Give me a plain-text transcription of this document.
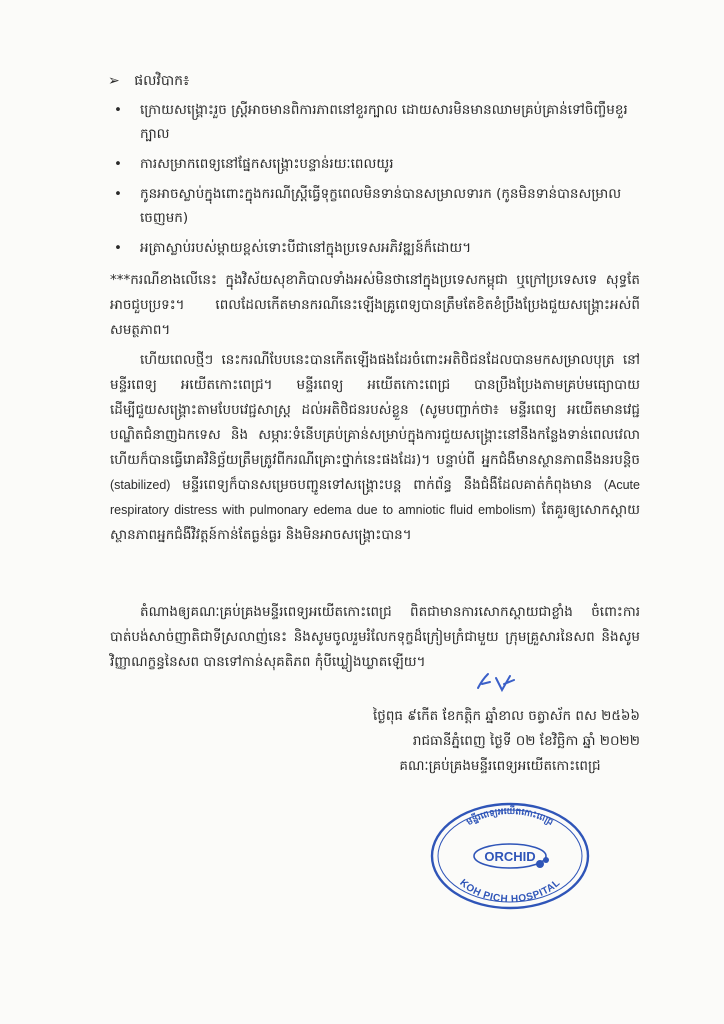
➢ ផលវិបាក៖
• ក្រោយសង្គ្រោះរួច ស្ត្រីអាចមានពិការភាពនៅខួរក្បាល ដោយសារមិនមានឈាមគ្រប់គ្រាន់ទៅចិញ្ចឹមខួរក្បាល
• ការសម្រាកពេទ្យនៅផ្នែកសង្គ្រោះបន្ទាន់រយៈពេលយូរ
• កូនអាចស្លាប់ក្នុងពោះក្នុងករណីស្ត្រីធ្វើទុក្ខពេលមិនទាន់បានសម្រាលទារក (កូនមិនទាន់បានសម្រាលចេញមក)
• អត្រាស្លាប់របស់ម្តាយខ្ពស់ទោះបីជានៅក្នុងប្រទេសអភិវឌ្ឍន៍ក៏ដោយ។

***ករណីខាងលើនេះ ក្នុងវិស័យសុខាភិបាលទាំងអស់មិនថានៅក្នុងប្រទេសកម្ពុជា ឬក្រៅប្រទេសទេ សុទ្ធតែអាចជួបប្រទះ។ ពេលដែលកើតមានករណីនេះឡើងគ្រូពេទ្យបានត្រឹមតែខិតខំប្រឹងប្រែងជួយសង្គ្រោះអស់ពីសមត្ថភាព។

ហើយពេលថ្មីៗ នេះករណីបែបនេះបានកើតឡើងផងដែរចំពោះអតិថិជនដែលបានមកសម្រាលបុត្រ នៅមន្ទីរពេទ្យ អយើតកោះពេជ្រ។ មន្ទីរពេទ្យ អយើតកោះពេជ្រ បានប្រឹងប្រែងតាមគ្រប់មធ្យោបាយ ដើម្បីជួយសង្គ្រោះតាមបែបវេជ្ជសាស្ត្រ ដល់អតិថិជនរបស់ខ្លួន (សូមបញ្ជាក់ថា៖ មន្ទីរពេទ្យ អយើតមានវេជ្ជបណ្ឌិតជំនាញឯកទេស និង សម្ភារៈទំនើបគ្រប់គ្រាន់សម្រាប់ក្នុងការជួយសង្គ្រោះនៅនឹងកន្លែងទាន់ពេលវេលា ហើយក៏បានធ្វើរោគវិនិច្ឆ័យត្រឹមត្រូវពីករណីគ្រោះថ្នាក់នេះផងដែរ)។ បន្ទាប់ពី អ្នកជំងឺមានស្ថានភាពនឹងនរបន្តិច (stabilized) មន្ទីរពេទ្យក៏បានសម្រេចបញ្ជូនទៅសង្គ្រោះបន្ត ពាក់ព័ន្ធ នឹងជំងឺដែលគាត់កំពុងមាន (Acute respiratory distress with pulmonary edema due to amniotic fluid embolism) តែគួរឲ្យសោកស្តាយ ស្ថានភាពអ្នកជំងឺវិវត្តន៍កាន់តែធ្ងន់ធ្ងរ និងមិនអាចសង្គ្រោះបាន។

តំណាងឲ្យគណៈគ្រប់គ្រងមន្ទីរពេទ្យអយើតកោះពេជ្រ ពិតជាមានការសោកស្តាយជាខ្លាំង ចំពោះការបាត់បង់សាច់ញាតិជាទីស្រលាញ់នេះ និងសូមចូលរួមរំលែកទុក្ខដ៏ក្រៀមក្រំជាមួយ ក្រុមគ្រួសារនៃសព និងសូមវិញ្ញាណក្ខន្ធនៃសព បានទៅកាន់សុគតិភព កុំបីឃ្លៀងឃ្លាតឡើយ។

ថ្ងៃពុធ ៩កើត ខែកត្តិក ឆ្នាំខាល ចត្វាស័ក ពស ២៥៦៦
រាជធានីភ្នំពេញ ថ្ងៃទី ០២ ខែវិច្ឆិកា ឆ្នាំ ២០២២
គណៈគ្រប់គ្រងមន្ទីរពេទ្យអយើតកោះពេជ្រ
មន្ទីរពេទ្យអយើតកោះពេជ្រ
ORCHID
KOH PICH HOSPITAL
